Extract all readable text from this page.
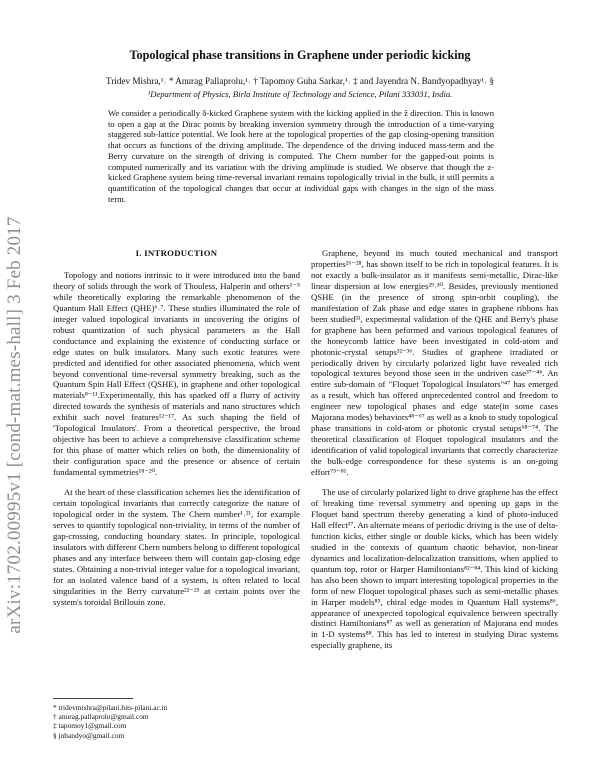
arXiv:1702.00995v1 [cond-mat.mes-hall] 3 Feb 2017
Topological phase transitions in Graphene under periodic kicking
Tridev Mishra,¹˒ * Anurag Pallaprolu,¹˒ † Tapomoy Guha Sarkar,¹˒ ‡ and Jayendra N. Bandyopadhyay¹˒ §
¹Department of Physics, Birla Institute of Technology and Science, Pilani 333031, India.

We consider a periodically δ-kicked Graphene system with the kicking applied in the ẑ direction. This is known to open a gap at the Dirac points by breaking inversion symmetry through the introduction of a time-varying staggered sub-lattice potential. We look here at the topological properties of the gap closing-opening transition that occurs as functions of the driving amplitude. The dependence of the driving induced mass-term and the Berry curvature on the strength of driving is computed. The Chern number for the gapped-out points is computed numerically and its variation with the driving amplitude is studied. We observe that though the z-kicked Graphene system being time-reversal invariant remains topologically trivial in the bulk, it still permits a quantification of the topological changes that occur at individual gaps with changes in the sign of the mass term.

I. INTRODUCTION

Topology and notions intrinsic to it were introduced into the band theory of solids through the work of Thouless, Halperin and others¹⁻⁵ while theoretically exploring the remarkable phenomenon of the Quantum Hall Effect (QHE)⁶˒⁷. These studies illuminated the role of integer valued topological invariants in uncovering the origins of robust quantization of such physical parameters as the Hall conductance and explaining the existence of conducting surface or edge states on bulk insulators. Many such exotic features were predicted and identified for other associated phenomena, which went beyond conventional time-reversal symmetry breaking, such as the Quantum Spin Hall Effect (QSHE), in graphene and other topological materials⁸⁻¹¹.Experimentally, this has sparked off a flurry of activity directed towards the synthesis of materials and nano structures which exhibit such novel features¹²⁻¹⁷. As such shaping the field of 'Topological Insulators'. From a theoretical perspective, the broad objective has been to achieve a comprehensive classification scheme for this phase of matter which relies on both, the dimensionality of their configuration space and the presence or absence of certain fundamental symmetries¹⁸⁻²⁰.

At the heart of these classification schemes lies the identification of certain topological invariants that correctly categorize the nature of topological order in the system. The Chern number¹˒²¹, for example serves to quantify topological non-triviality, in terms of the number of gap-crossing, conducting boundary states. In principle, topological insulators with different Chern numbers belong to different topological phases and any interface between them will contain gap-closing edge states. Obtaining a non-trivial integer value for a topological invariant, for an isolated valence band of a system, is often related to local singularities in the Berry curvature²²⁻²⁵ at certain points over the system's toroidal Brillouin zone.

Graphene, beyond its much touted mechanical and transport properties²⁶⁻²⁸, has shown itself to be rich in topological features. It is not exactly a bulk-insulator as it manifests semi-metallic, Dirac-like linear dispersion at low energies²⁹˒³⁰. Besides, previously mentioned QSHE (in the presence of strong spin-orbit coupling), the manifestation of Zak phase and edge states in graphene ribbons has been studied³¹, experimental validation of the QHE and Berry's phase for graphene has been peformed and various topological features of the honeycomb lattice have been investigated in cold-atom and photonic-crystal setups³²⁻³⁶. Studies of graphene irradiated or periodically driven by circularly polarized light have revealed rich topological textures beyond those seen in the undriven case³⁷⁻⁴⁶. An entire sub-domain of "Floquet Topological Insulators"⁴⁷ has emerged as a result, which has offered unprecedented control and freedom to engineer new topological phases and edge state(in some cases Majorana modes) behaviors⁴⁸⁻⁶⁷ as well as a knob to study topological phase transitions in cold-atom or photonic crystal setups⁶⁸⁻⁷⁴. The theoretical classification of Floquet topological insulators and the identification of valid topological invariants that correctly characterize the bulk-edge correspondence for these systems is an on-going effort⁷⁵⁻⁸¹.

The use of circularly polarized light to drive graphene has the effect of breaking time reversal symmetry and opening up gaps in the Floquet band spectrum thereby generating a kind of photo-induced Hall effect³⁷. An alternate means of periodic driving is the use of delta-function kicks, either single or double kicks, which has been widely studied in the contexts of quantum chaotic behavior, non-linear dynamics and localization-delocalization transitions, when applied to quantum top, rotor or Harper Hamiltonians⁸²⁻⁸⁴. This kind of kicking has also been shown to impart interesting topological properties in the form of new Floquet topological phases such as semi-metallic phases in Harper models⁸⁵, chiral edge modes in Quantum Hall systems⁸⁶, appearance of unexpected topological equivalence between spectrally distinct Hamiltonians⁸⁷ as well as generation of Majorana end modes in 1-D systems⁸⁸. This has led to interest in studying Dirac systems especially graphene, its

* tridevmishra@pilani.bits-pilani.ac.in

† anurag.pallaprolu@gmail.com

‡ tapomoy1@gmail.com

§ jnbandyo@gmail.com
